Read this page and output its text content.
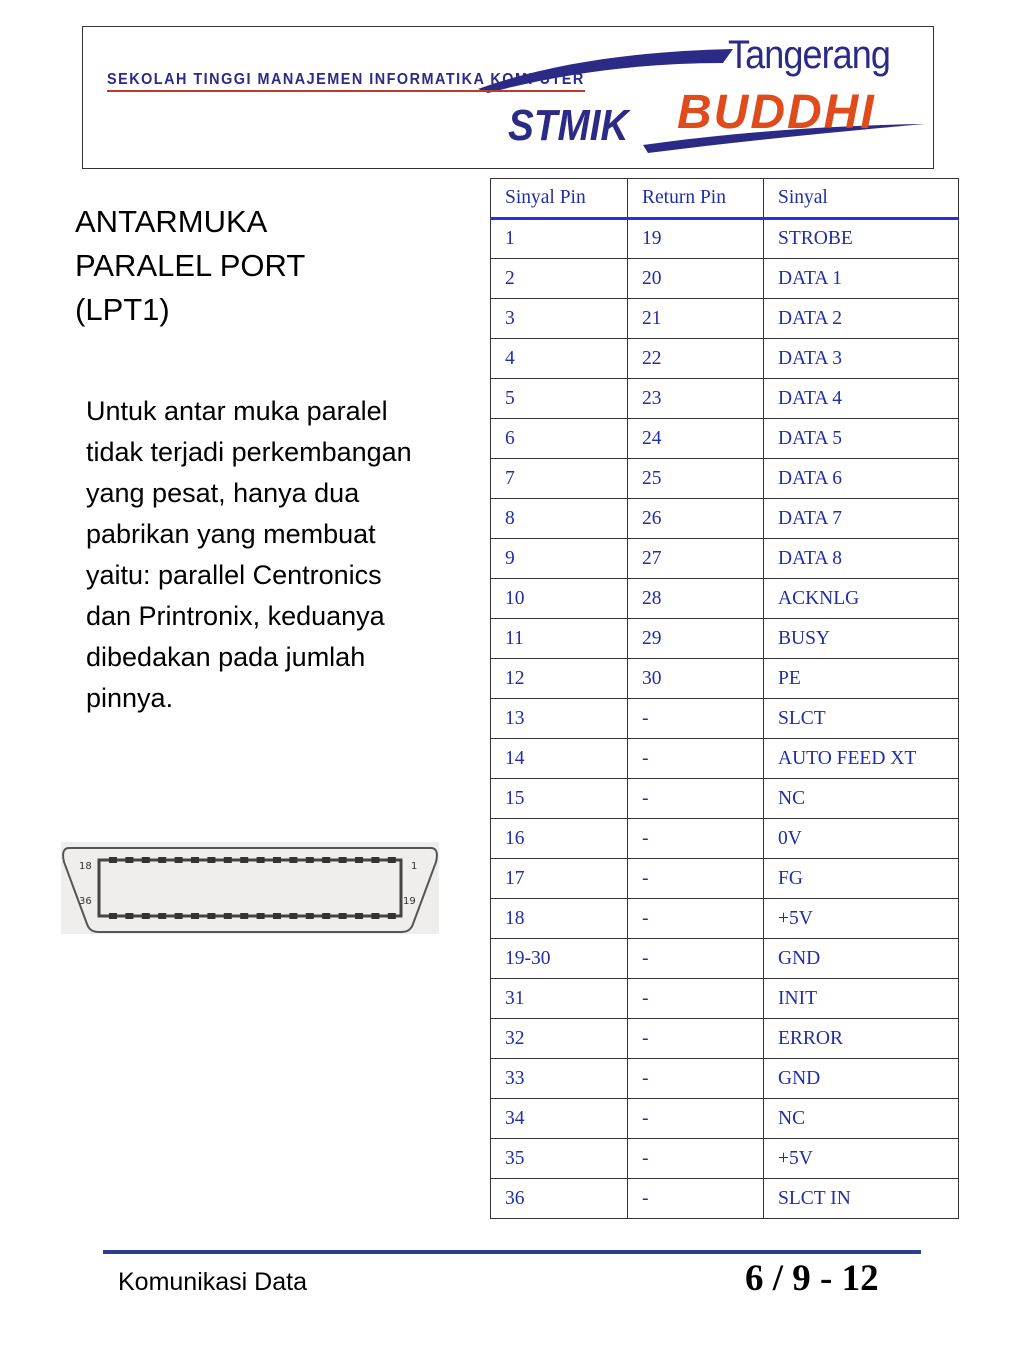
SEKOLAH TINGGI MANAJEMEN INFORMATIKA KOMPUTER
Tangerang
STMIK BUDDHI
ANTARMUKA PARALEL PORT (LPT1)
Untuk antar muka paralel tidak terjadi perkembangan yang pesat, hanya dua pabrikan yang membuat yaitu: parallel Centronics dan Printronix, keduanya dibedakan pada jumlah pinnya.
18	1
36	19
Sinyal Pin	Return Pin	Sinyal
1	19	STROBE
2	20	DATA 1
3	21	DATA 2
4	22	DATA 3
5	23	DATA 4
6	24	DATA 5
7	25	DATA 6
8	26	DATA 7
9	27	DATA 8
10	28	ACKNLG
11	29	BUSY
12	30	PE
13	-	SLCT
14	-	AUTO FEED XT
15	-	NC
16	-	0V
17	-	FG
18	-	+5V
19-30	-	GND
31	-	INIT
32	-	ERROR
33	-	GND
34	-	NC
35	-	+5V
36	-	SLCT IN
Komunikasi Data	6 / 9 - 12
